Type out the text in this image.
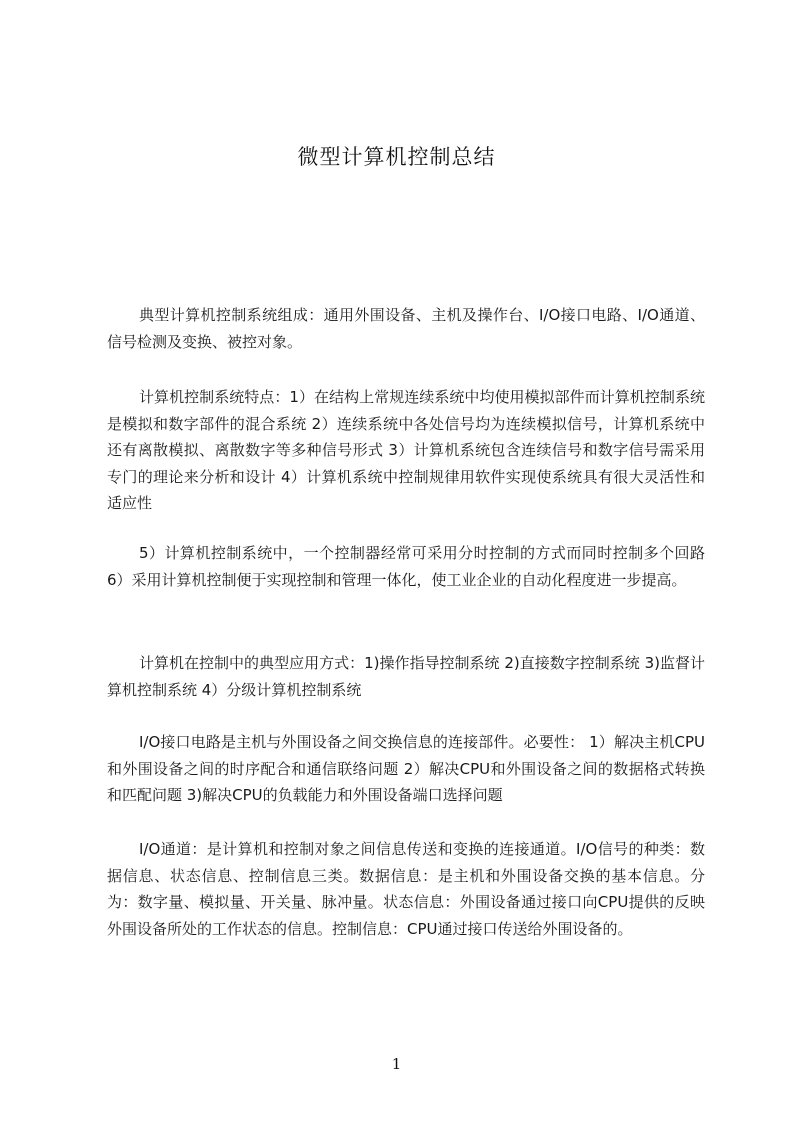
微型计算机控制总结

典型计算机控制系统组成：通用外围设备、主机及操作台、I/O接口电路、I/O通道、信号检测及变换、被控对象。

计算机控制系统特点：1）在结构上常规连续系统中均使用模拟部件而计算机控制系统是模拟和数字部件的混合系统 2）连续系统中各处信号均为连续模拟信号，计算机系统中还有离散模拟、离散数字等多种信号形式 3）计算机系统包含连续信号和数字信号需采用专门的理论来分析和设计 4）计算机系统中控制规律用软件实现使系统具有很大灵活性和适应性

5）计算机控制系统中，一个控制器经常可采用分时控制的方式而同时控制多个回路 6）采用计算机控制便于实现控制和管理一体化，使工业企业的自动化程度进一步提高。

计算机在控制中的典型应用方式：1)操作指导控制系统 2)直接数字控制系统 3)监督计算机控制系统 4）分级计算机控制系统

I/O接口电路是主机与外围设备之间交换信息的连接部件。必要性： 1）解决主机CPU和外围设备之间的时序配合和通信联络问题 2）解决CPU和外围设备之间的数据格式转换和匹配问题 3)解决CPU的负载能力和外围设备端口选择问题

I/O通道：是计算机和控制对象之间信息传送和变换的连接通道。I/O信号的种类：数据信息、状态信息、控制信息三类。数据信息：是主机和外围设备交换的基本信息。分为：数字量、模拟量、开关量、脉冲量。状态信息：外围设备通过接口向CPU提供的反映外围设备所处的工作状态的信息。控制信息：CPU通过接口传送给外围设备的。

1
